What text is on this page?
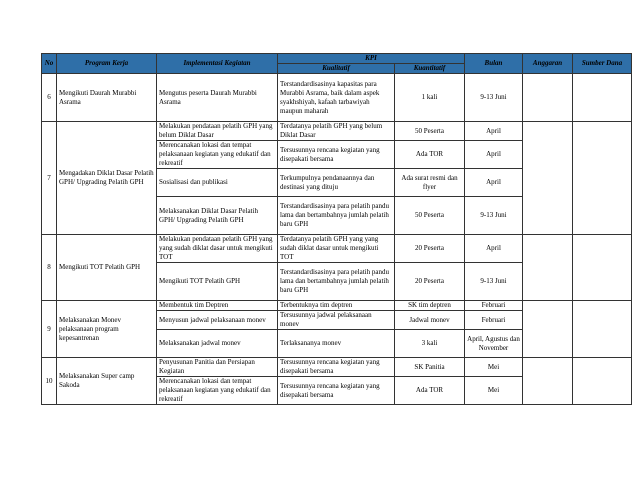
No	Program Kerja	Implementasi Kegiatan	KPI		Bulan	Anggaran	Sumber Dana
			Kualitatif	Kuantitatif			
6	Mengikuti Daurah Murabbi Asrama	Mengutus peserta Daurah Murabbi Asrama	Terstandardisasinya kapasitas para Murabbi Asrama, baik dalam aspek syakhshiyah, kafaah tarbawiyah maupun maharah	1 kali	9-13 Juni		
7	Mengadakan Diklat Dasar Pelatih GPH/ Upgrading Pelatih GPH	Melakukan pendataan pelatih GPH yang belum Diklat Dasar	Terdatanya pelatih GPH yang belum Diklat Dasar	50 Peserta	April		
		Merencanakan lokasi dan tempat pelaksanaan kegiatan yang edukatif dan rekreatif	Tersusunnya rencana kegiatan yang disepakati bersama	Ada TOR	April		
		Sosialisasi dan publikasi	Terkumpulnya pendanaannya dan destinasi yang dituju	Ada surat resmi dan flyer	April		
		Melaksanakan Diklat Dasar Pelatih GPH/ Upgrading Pelatih GPH	Terstandardisasinya para pelatih pandu lama dan bertambahnya jumlah pelatih baru GPH	50 Peserta	9-13 Juni		
8	Mengikuti TOT Pelatih GPH	Melakukan pendataan pelatih GPH yang yang sudah diklat dasar untuk mengikuti TOT	Terdatanya pelatih GPH yang yang sudah diklat dasar untuk mengikuti TOT	20 Peserta	April		
		Mengikuti TOT Pelatih GPH	Terstandardisasinya para pelatih pandu lama dan bertambahnya jumlah pelatih baru GPH	20 Peserta	9-13 Juni		
9	Melaksanakan Monev pelaksanaan program kepesantrenan	Membentuk tim Deptren	Terbentuknya tim deptren	SK tim deptren	Februari		
		Menyusun jadwal pelaksanaan monev	Tersusunnya jadwal pelaksanaan monev	Jadwal monev	Februari		
		Melaksanakan jadwal monev	Terlaksananya monev	3 kali	April, Agustus dan November		
10	Melaksanakan Super camp Sakoda	Penyusunan Panitia dan Persiapan Kegiatan	Tersusunnya rencana kegiatan yang disepakati bersama	SK Panitia	Mei		
		Merencanakan lokasi dan tempat pelaksanaan kegiatan yang edukatif dan rekreatif	Tersusunnya rencana kegiatan yang disepakati bersama	Ada TOR	Mei		
